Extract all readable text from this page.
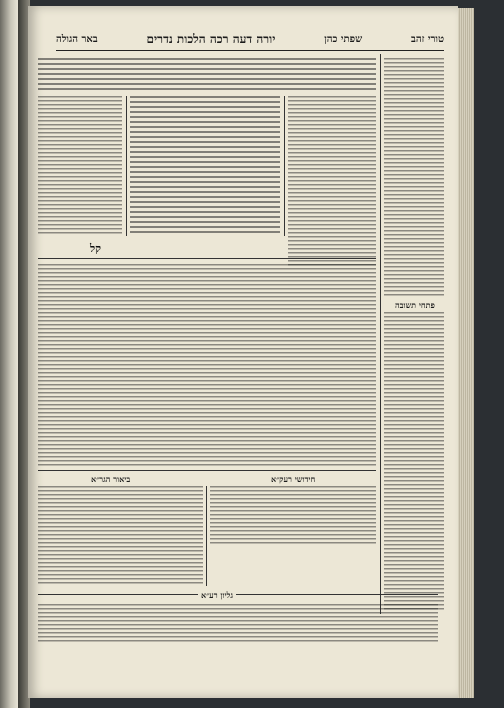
טורי זהב
שפתי כהן
יורה דעה רכה הלכות נדרים
באר הגולה
פתחי תשובה
קל
ביאור הגר״א	חידושי רעק״א
גליון רע״א
